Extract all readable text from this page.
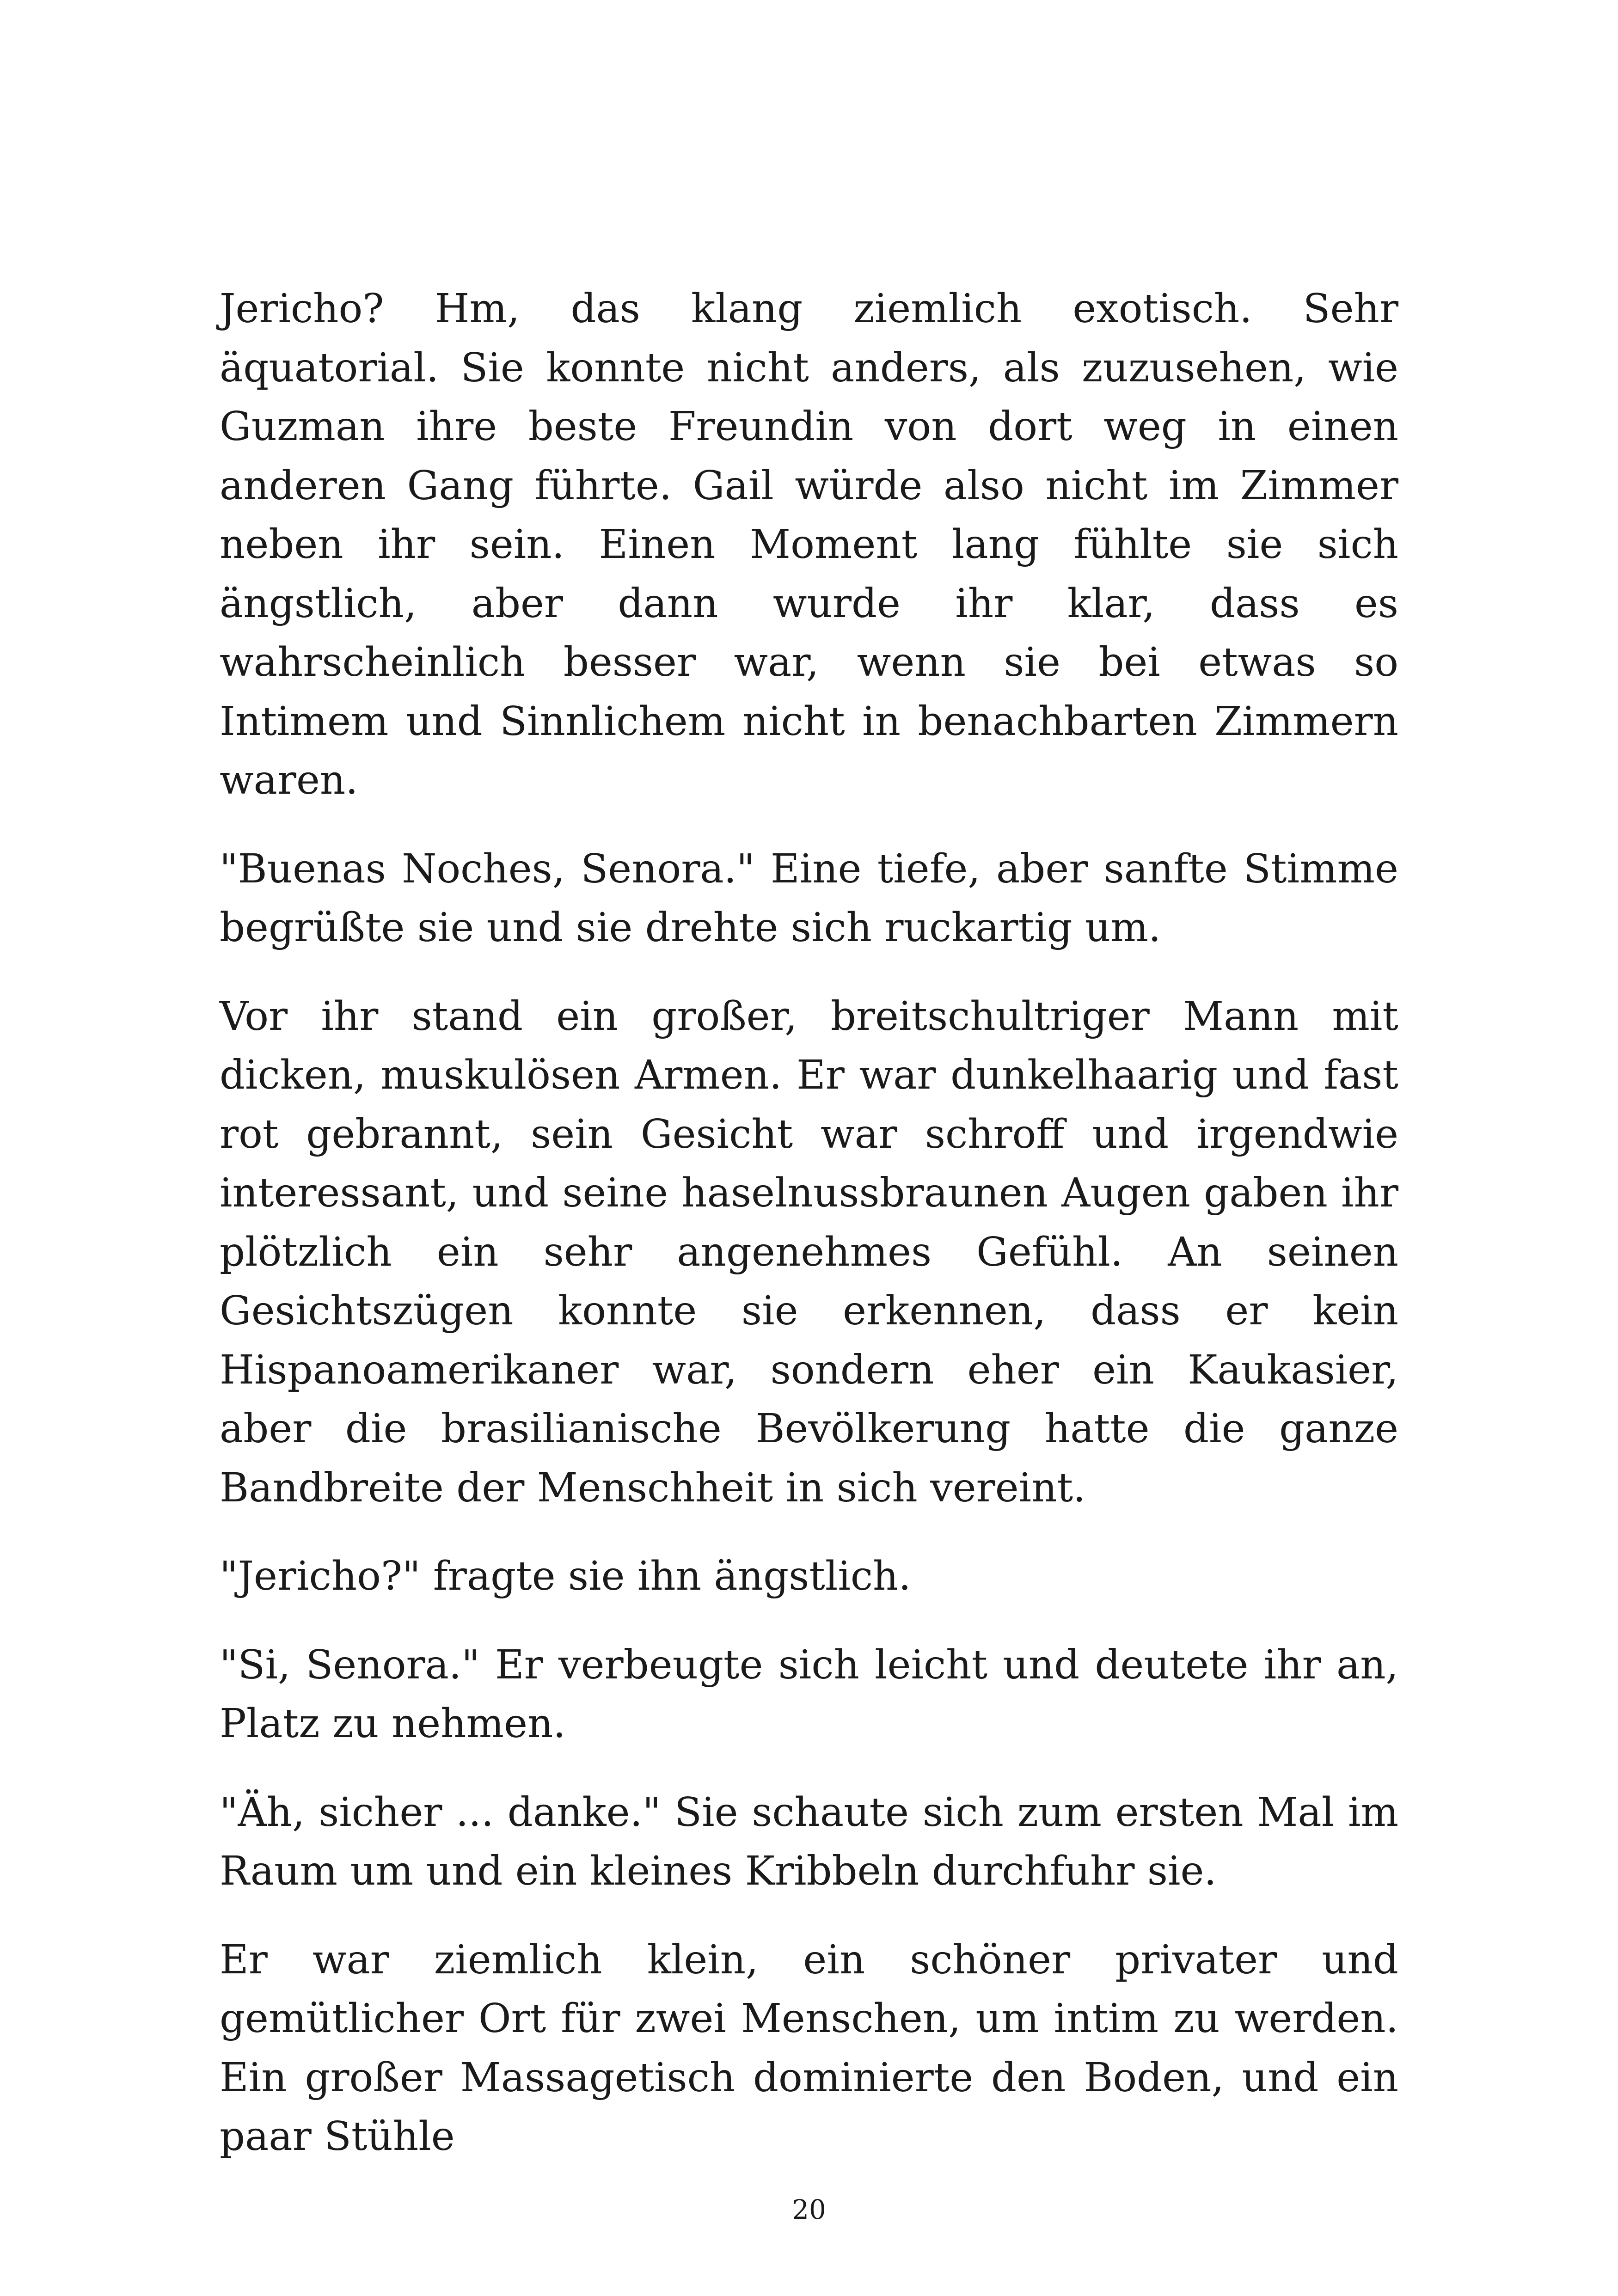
Jericho? Hm, das klang ziemlich exotisch. Sehr äquatorial. Sie konnte nicht anders, als zuzusehen, wie Guzman ihre beste Freundin von dort weg in einen anderen Gang führte. Gail würde also nicht im Zimmer neben ihr sein. Einen Moment lang fühlte sie sich ängstlich, aber dann wurde ihr klar, dass es wahrscheinlich besser war, wenn sie bei etwas so Intimem und Sinnlichem nicht in benachbarten Zimmern waren.

"Buenas Noches, Senora." Eine tiefe, aber sanfte Stimme begrüßte sie und sie drehte sich ruckartig um.

Vor ihr stand ein großer, breitschultriger Mann mit dicken, muskulösen Armen. Er war dunkelhaarig und fast rot gebrannt, sein Gesicht war schroff und irgendwie interessant, und seine haselnussbraunen Augen gaben ihr plötzlich ein sehr angenehmes Gefühl. An seinen Gesichtszügen konnte sie erkennen, dass er kein Hispanoamerikaner war, sondern eher ein Kaukasier, aber die brasilianische Bevölkerung hatte die ganze Bandbreite der Menschheit in sich vereint.

"Jericho?" fragte sie ihn ängstlich.

"Si, Senora." Er verbeugte sich leicht und deutete ihr an, Platz zu nehmen.

"Äh, sicher ... danke." Sie schaute sich zum ersten Mal im Raum um und ein kleines Kribbeln durchfuhr sie.

Er war ziemlich klein, ein schöner privater und gemütlicher Ort für zwei Menschen, um intim zu werden. Ein großer Massagetisch dominierte den Boden, und ein paar Stühle

20
